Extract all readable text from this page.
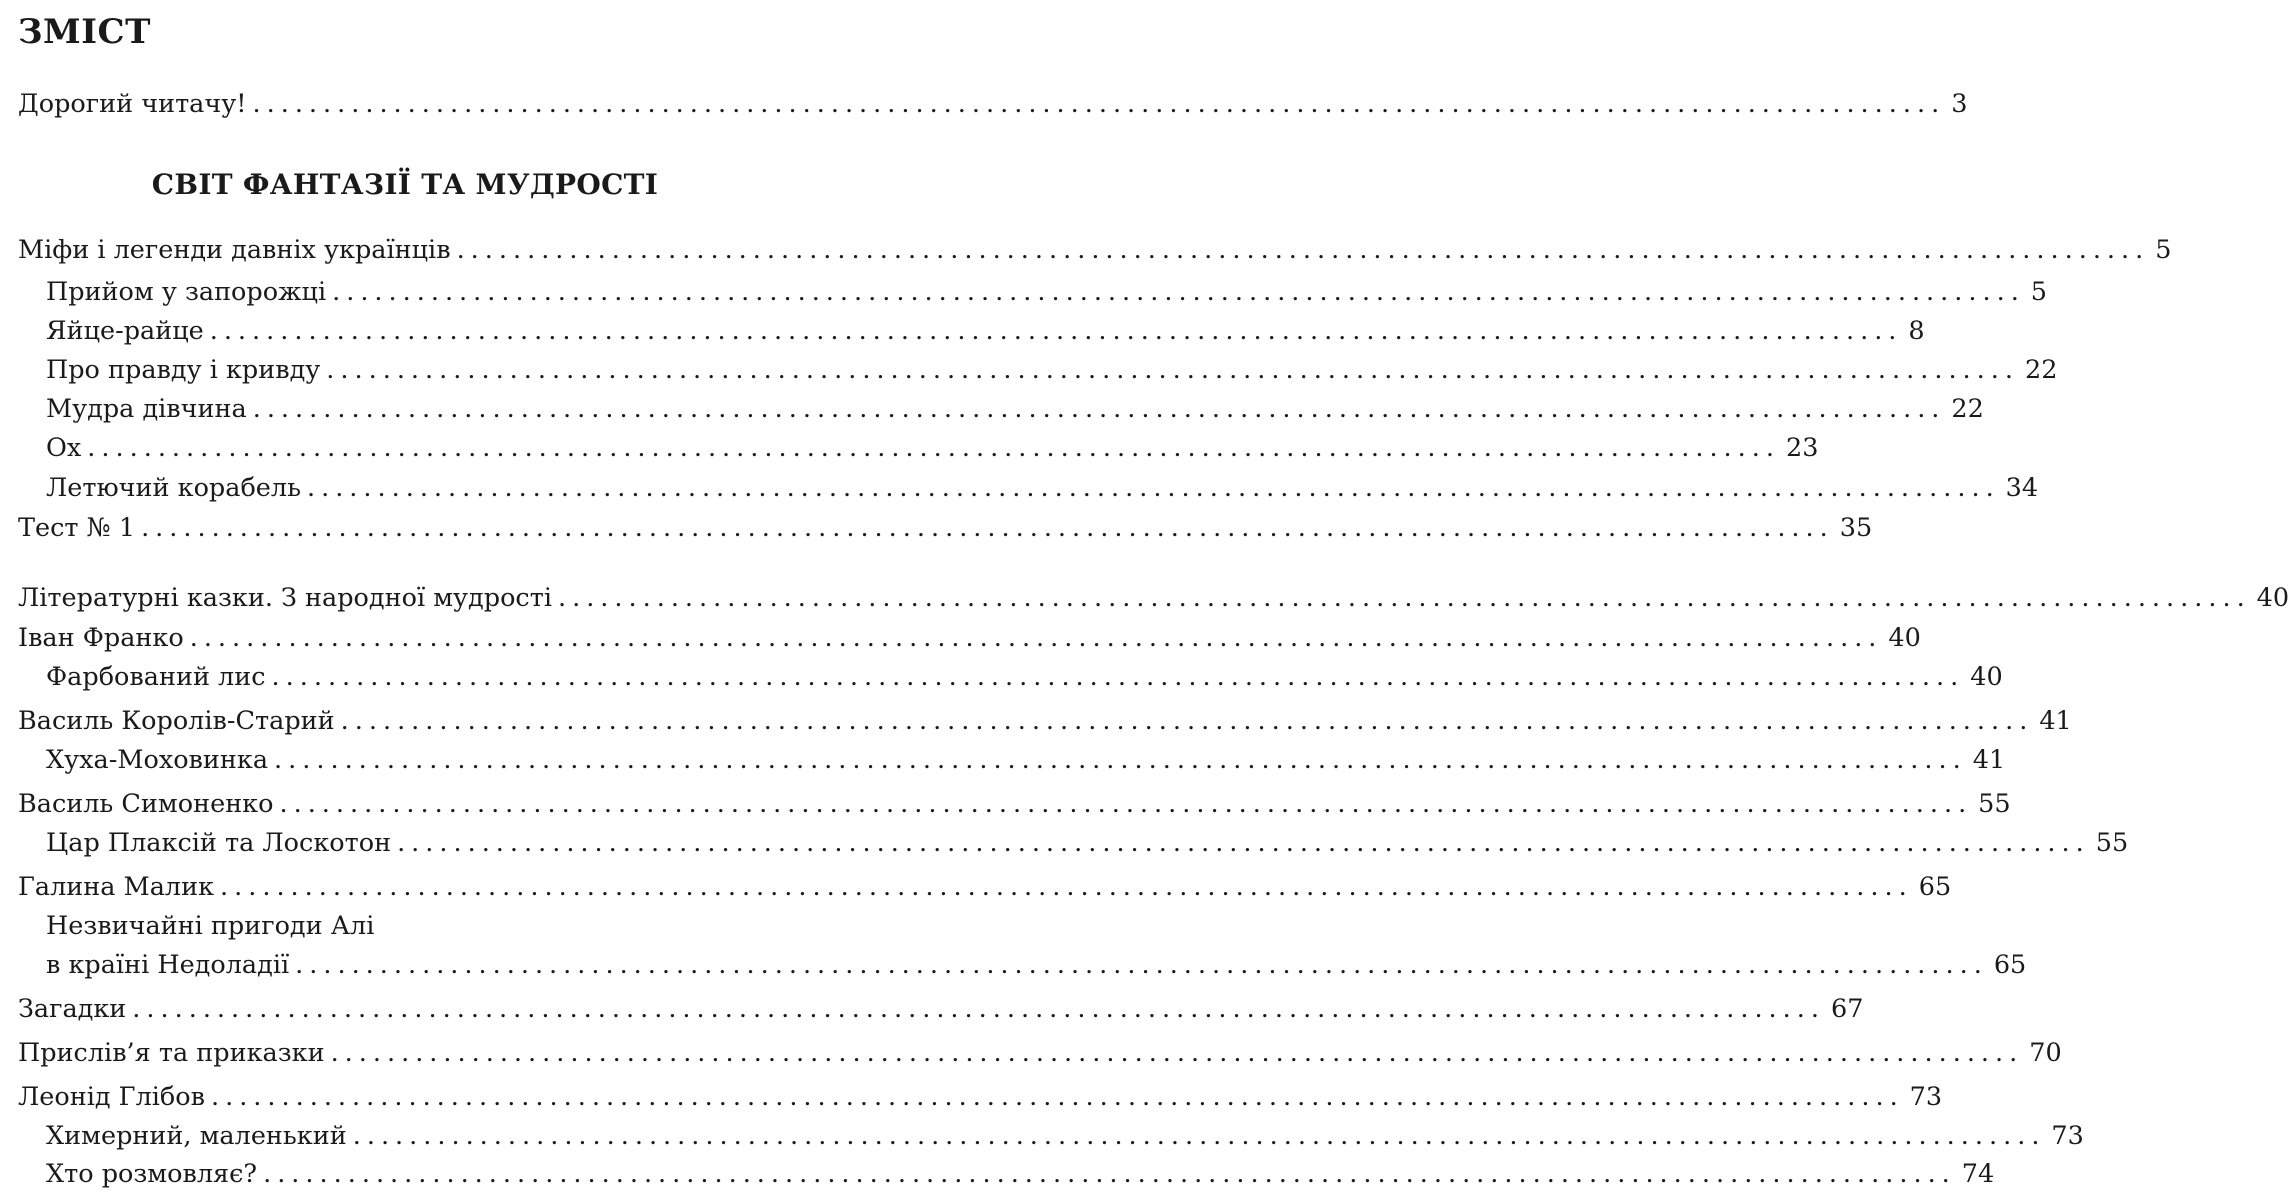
ЗМІСТ
Дорогий читачу! ........................................................................................................................ 3
СВІТ ФАНТАЗІЇ ТА МУДРОСТІ
Міфи і легенди давніх українців ........................................................................................................................ 5
Прийом у запорожці ........................................................................................................................ 5
Яйце-райце ........................................................................................................................ 8
Про правду і кривду ........................................................................................................................ 22
Мудра дівчина ........................................................................................................................ 22
Ох ........................................................................................................................ 23
Летючий корабель ........................................................................................................................ 34
Тест № 1 ........................................................................................................................ 35
Літературні казки. З народної мудрості ........................................................................................................................ 40
Іван Франко ........................................................................................................................ 40
Фарбований лис ........................................................................................................................ 40
Василь Королів-Старий ........................................................................................................................ 41
Хуха-Моховинка ........................................................................................................................ 41
Василь Симоненко ........................................................................................................................ 55
Цар Плаксій та Лоскотон ........................................................................................................................ 55
Галина Малик ........................................................................................................................ 65
Незвичайні пригоди Алі
в країні Недоладії ........................................................................................................................ 65
Загадки ........................................................................................................................ 67
Прислів’я та приказки ........................................................................................................................ 70
Леонід Глібов ........................................................................................................................ 73
Химерний, маленький ........................................................................................................................ 73
Хто розмовляє? ........................................................................................................................ 74
